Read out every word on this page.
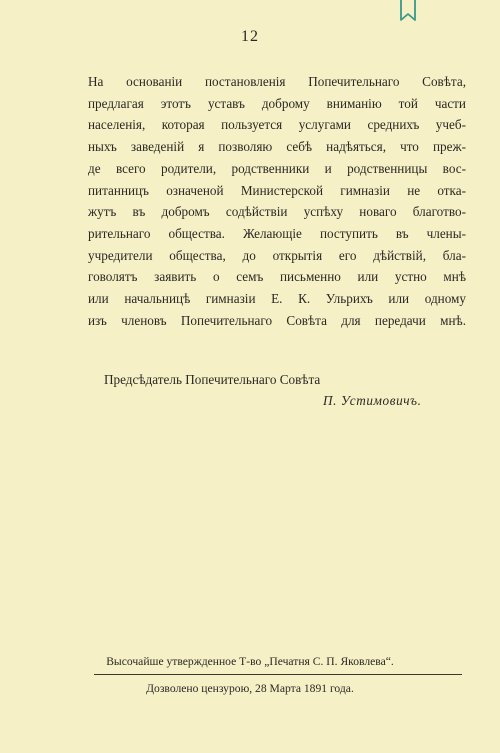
12
На основаніи постановленія Попечительнаго Совѣта,
предлагая этотъ уставъ доброму вниманію той части
населенія, которая пользуется услугами среднихъ учеб-
ныхъ заведеній я позволяю себѣ надѣяться, что преж-
де всего родители, родственники и родственницы вос-
питанницъ означеной Министерской гимназіи не отка-
жутъ въ добромъ содѣйствіи успѣху новаго благотво-
рительнаго общества. Желающіе поступить въ члены-
учредители общества, до открытія его дѣйствій, бла-
говолятъ заявить о семъ письменно или устно мнѣ
или начальницѣ гимназіи Е. К. Ульрихъ или одному
изъ членовъ Попечительнаго Совѣта для передачи мнѣ.
Предсѣдатель Попечительнаго Совѣта
П. Устимовичъ.
Высочайше утвержденное Т-во „Печатня С. П. Яковлева“.
Дозволено цензурою, 28 Марта 1891 года.
